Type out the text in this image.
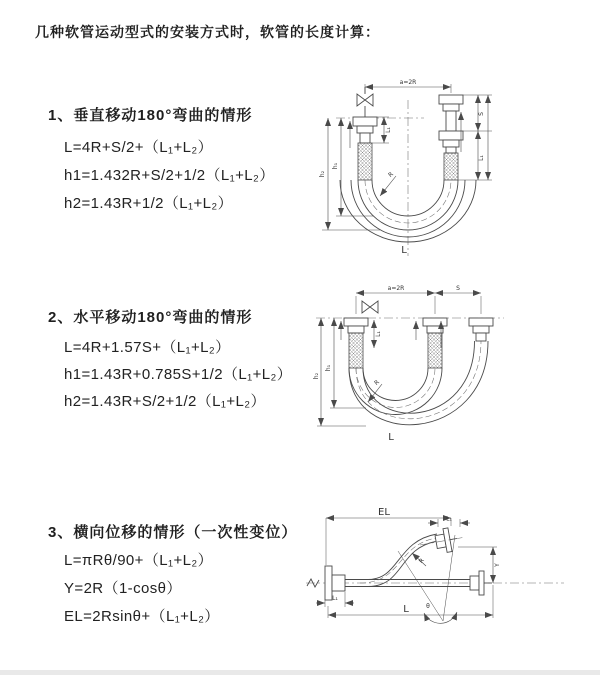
几种软管运动型式的安装方式时，软管的长度计算：
1、垂直移动180°弯曲的情形
L=4R+S/2+（L₁+L₂）
h1=1.432R+S/2+1/2（L₁+L₂）
h2=1.43R+1/2（L₁+L₂）
a=2R
L₁
h₂
h₁
S
L₁
R
L
2、水平移动180°弯曲的情形
L=4R+1.57S+（L₁+L₂）
h1=1.43R+0.785S+1/2（L₁+L₂）
h2=1.43R+S/2+1/2（L₁+L₂）
a=2R	S
L₁
h₂
h₁
R
L
3、横向位移的情形（一次性变位）
L=πRθ/90+（L₁+L₂）
Y=2R（1-cosθ）
EL=2Rsinθ+（L₁+L₂）
θ
R
EL
L₁
Y
L₁
L
